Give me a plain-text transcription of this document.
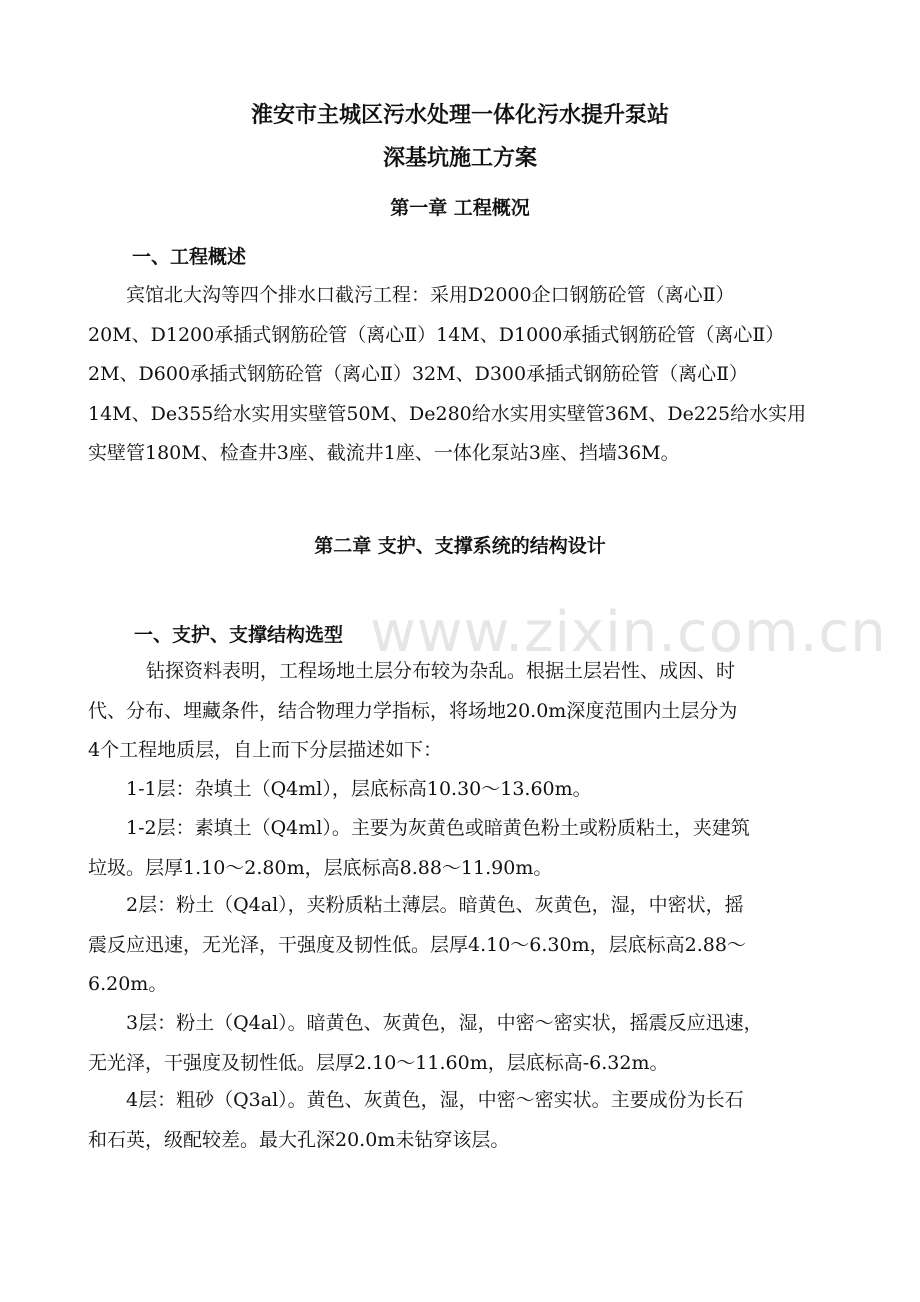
淮安市主城区污水处理一体化污水提升泵站
深基坑施工方案
第一章 工程概况
一、工程概述
宾馆北大沟等四个排水口截污工程：采用D2000企口钢筋砼管（离心Ⅱ）
20M、D1200承插式钢筋砼管（离心Ⅱ）14M、D1000承插式钢筋砼管（离心Ⅱ）
2M、D600承插式钢筋砼管（离心Ⅱ）32M、D300承插式钢筋砼管（离心Ⅱ）
14M、De355给水实用实壁管50M、De280给水实用实壁管36M、De225给水实用
实壁管180M、检查井3座、截流井1座、一体化泵站3座、挡墙36M。
第二章 支护、支撑系统的结构设计
www.zixin.com.cn
一、支护、支撑结构选型
钻探资料表明，工程场地土层分布较为杂乱。根据土层岩性、成因、时
代、分布、埋藏条件，结合物理力学指标，将场地20.0m深度范围内土层分为
4个工程地质层，自上而下分层描述如下：
1-1层：杂填土（Q4ml），层底标高10.30～13.60m。
1-2层：素填土（Q4ml）。主要为灰黄色或暗黄色粉土或粉质粘土，夹建筑
垃圾。层厚1.10～2.80m，层底标高8.88～11.90m。
2层：粉土（Q4al），夹粉质粘土薄层。暗黄色、灰黄色，湿，中密状，摇
震反应迅速，无光泽，干强度及韧性低。层厚4.10～6.30m，层底标高2.88～
6.20m。
3层：粉土（Q4al）。暗黄色、灰黄色，湿，中密～密实状，摇震反应迅速，
无光泽，干强度及韧性低。层厚2.10～11.60m，层底标高-6.32m。
4层：粗砂（Q3al）。黄色、灰黄色，湿，中密～密实状。主要成份为长石
和石英，级配较差。最大孔深20.0m未钻穿该层。
